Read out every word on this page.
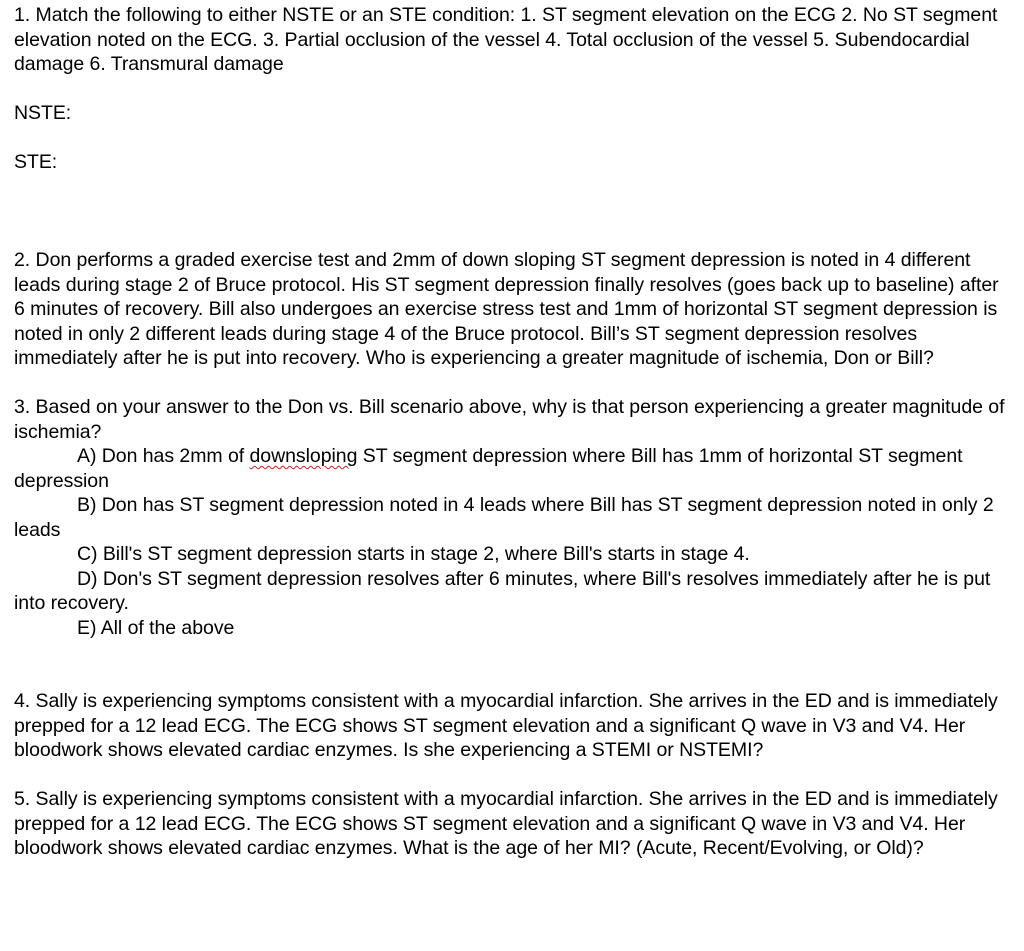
1. Match the following to either NSTE or an STE condition: 1. ST segment elevation on the ECG 2. No ST segment elevation noted on the ECG. 3. Partial occlusion of the vessel 4. Total occlusion of the vessel 5. Subendocardial damage 6. Transmural damage

NSTE:

STE:

2. Don performs a graded exercise test and 2mm of down sloping ST segment depression is noted in 4 different leads during stage 2 of Bruce protocol. His ST segment depression finally resolves (goes back up to baseline) after 6 minutes of recovery. Bill also undergoes an exercise stress test and 1mm of horizontal ST segment depression is noted in only 2 different leads during stage 4 of the Bruce protocol. Bill’s ST segment depression resolves immediately after he is put into recovery. Who is experiencing a greater magnitude of ischemia, Don or Bill?

3. Based on your answer to the Don vs. Bill scenario above, why is that person experiencing a greater magnitude of ischemia?

A) Don has 2mm of downsloping ST segment depression where Bill has 1mm of horizontal ST segment depression

B) Don has ST segment depression noted in 4 leads where Bill has ST segment depression noted in only 2 leads

C) Bill's ST segment depression starts in stage 2, where Bill's starts in stage 4.

D) Don's ST segment depression resolves after 6 minutes, where Bill's resolves immediately after he is put into recovery.

E) All of the above

4. Sally is experiencing symptoms consistent with a myocardial infarction. She arrives in the ED and is immediately prepped for a 12 lead ECG. The ECG shows ST segment elevation and a significant Q wave in V3 and V4. Her bloodwork shows elevated cardiac enzymes. Is she experiencing a STEMI or NSTEMI?

5. Sally is experiencing symptoms consistent with a myocardial infarction. She arrives in the ED and is immediately prepped for a 12 lead ECG. The ECG shows ST segment elevation and a significant Q wave in V3 and V4. Her bloodwork shows elevated cardiac enzymes. What is the age of her MI? (Acute, Recent/Evolving, or Old)?
